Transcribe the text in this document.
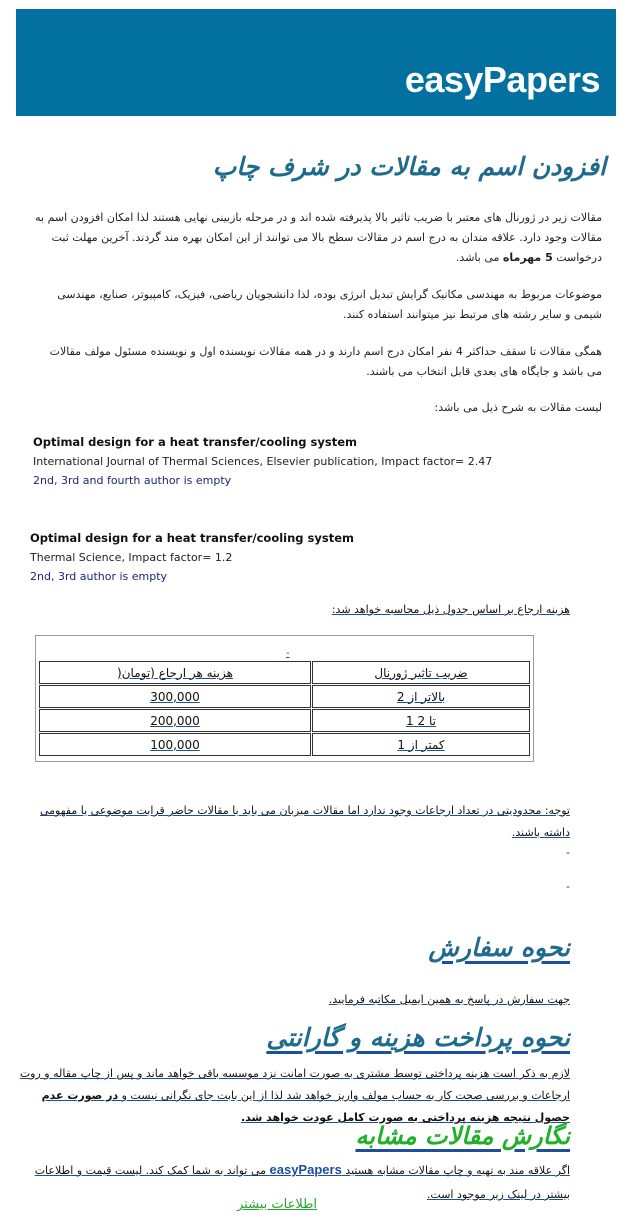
easyPapers
افزودن اسم به مقالات در شرف چاپ
مقالات زیر در ژورنال های معتبر با ضریب تاثیر بالا پذیرفته شده اند و در مرحله بازبینی نهایی هستند لذا امکان افزودن اسم به مقالات وجود دارد. علاقه مندان به درج اسم در مقالات سطح بالا می توانند از این امکان بهره مند گردند. آخرین مهلت ثبت درخواست 5 مهرماه می باشد.
موضوعات مربوط به مهندسی مکانیک گرایش تبدیل انرژی بوده، لذا دانشجویان ریاضی، فیزیک، کامپیوتر، صنایع، مهندسی شیمی و سایر رشته های مرتبط نیز میتوانند استفاده کنند.
همگی مقالات تا سقف حداکثر 4 نفر امکان درج اسم دارند و در همه مقالات نویسنده اول و نویسنده مسئول مولف مقالات می باشد و جایگاه های بعدی قابل انتخاب می باشند.
لیست مقالات به شرح ذیل می باشد:
Optimal design for a heat transfer/cooling system
International Journal of Thermal Sciences, Elsevier publication, Impact factor= 2.47
2nd, 3rd and fourth author is empty
Optimal design for a heat transfer/cooling system
Thermal Science, Impact factor= 1.2
2nd, 3rd author is empty
هزینه ارجاع بر اساس جدول ذیل محاسبه خواهد شد:
-
ضریب تاثیر ژورنال	هزینه هر ارجاع (تومان(
بالاتر از 2	300,000
تا 2 1	200,000
کمتر از 1	100,000
توجه: محدودیتی در تعداد ارجاعات وجود ندارد اما مقالات میزبان می باید با مقالات حاضر قرابت موضوعی یا مفهومی داشته باشند.
-
-
نحوه سفارش
جهت سفارش در پاسخ به همین ایمیل مکاتبه فرمایید.
نحوه پرداخت هزینه و گارانتی
لازم به ذکر است هزینه پرداختی توسط مشتری به صورت امانت نزد موسسه باقی خواهد ماند و پس از چاپ مقاله و روت ارجاعات و بررسی صحت کار به حساب مولف واریز خواهد شد لذا از این بابت جای نگرانی نیست و در صورت عدم حصول نتیجه هزینه پرداختی به صورت کامل عودت خواهد شد.
نگارش مقالات مشابه
اگر علاقه مند به تهیه و چاپ مقالات مشابه هستید easyPapers می تواند به شما کمک کند. لیست قیمت و اطلاعات بیشتر در لینک زیر موجود است.
اطلاعات بیشتر
